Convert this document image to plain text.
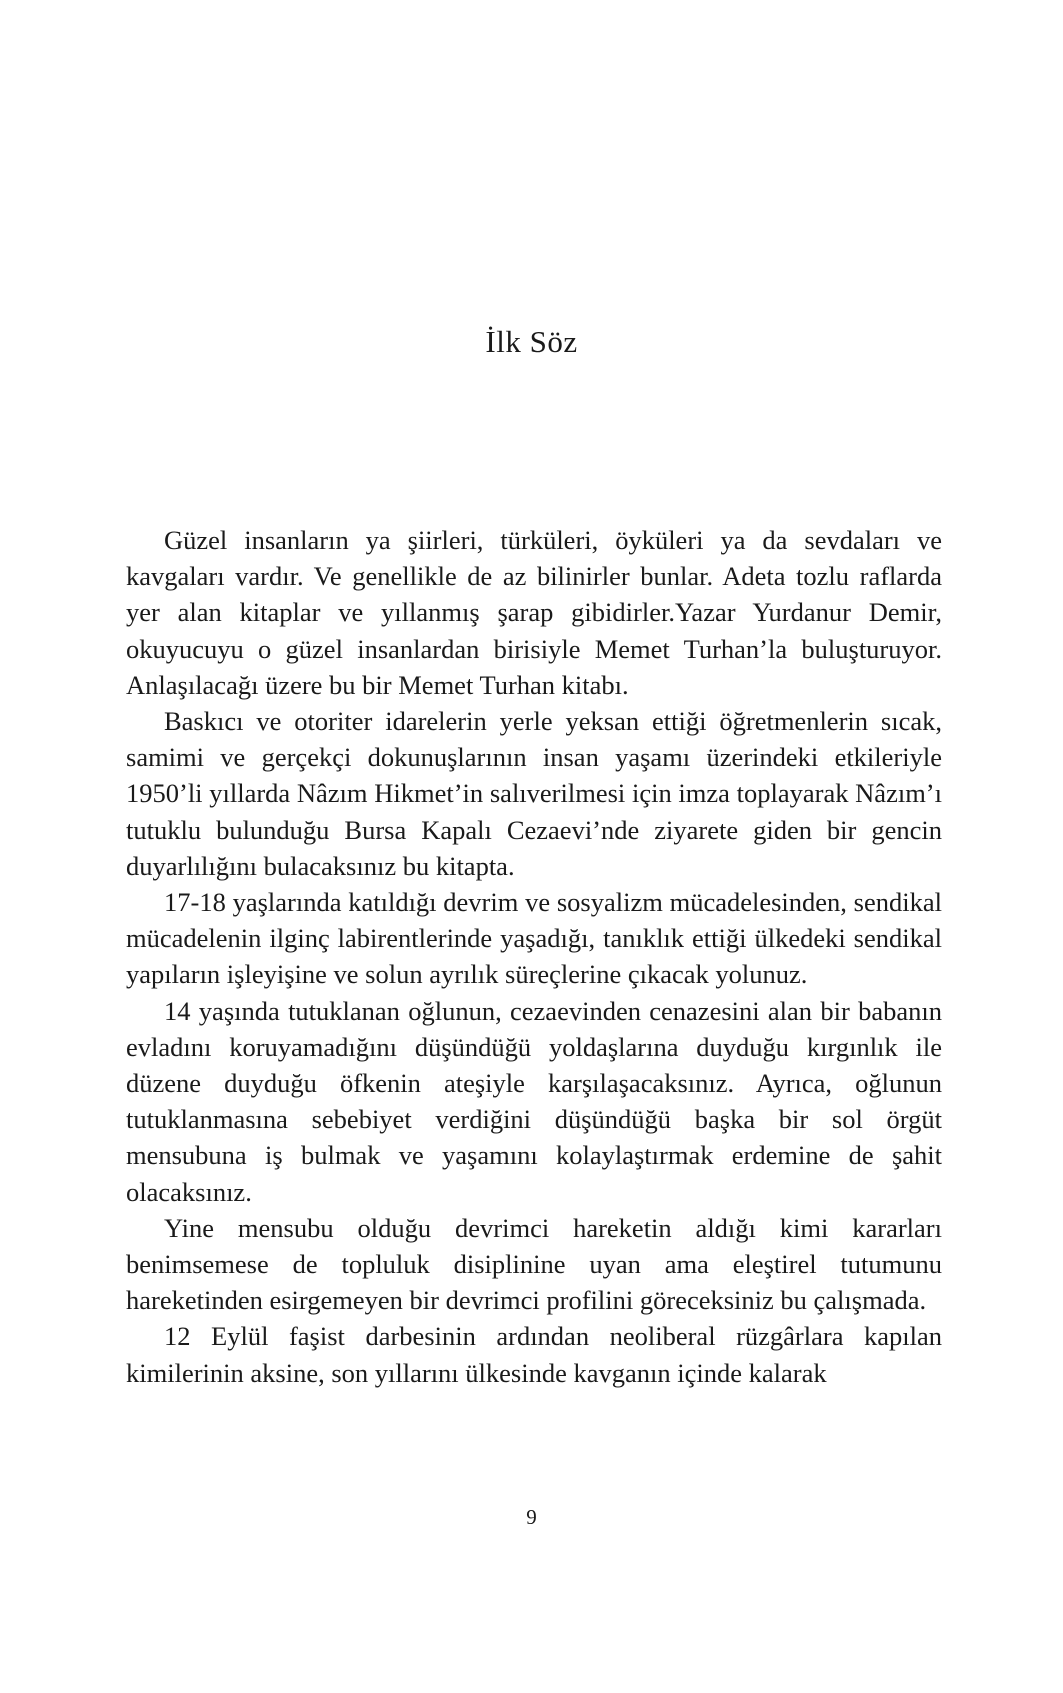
İlk Söz

Güzel insanların ya şiirleri, türküleri, öyküleri ya da sevdaları ve kavgaları vardır. Ve genellikle de az bilinirler bunlar. Adeta tozlu raflarda yer alan kitaplar ve yıllanmış şarap gibidirler.Yazar Yurdanur Demir, okuyucuyu o güzel insanlardan birisiyle Memet Turhan’la buluşturuyor. Anlaşılacağı üzere bu bir Memet Turhan kitabı.

Baskıcı ve otoriter idarelerin yerle yeksan ettiği öğretmenlerin sıcak, samimi ve gerçekçi dokunuşlarının insan yaşamı üzerindeki etkileriyle 1950’li yıllarda Nâzım Hikmet’in salıverilmesi için imza toplayarak Nâzım’ı tutuklu bulunduğu Bursa Kapalı Cezaevi’nde ziyarete giden bir gencin duyarlılığını bulacaksınız bu kitapta.

17-18 yaşlarında katıldığı devrim ve sosyalizm mücadelesinden, sendikal mücadelenin ilginç labirentlerinde yaşadığı, tanıklık ettiği ülkedeki sendikal yapıların işleyişine ve solun ayrılık süreçlerine çıkacak yolunuz.

14 yaşında tutuklanan oğlunun, cezaevinden cenazesini alan bir babanın evladını koruyamadığını düşündüğü yoldaşlarına duyduğu kırgınlık ile düzene duyduğu öfkenin ateşiyle karşılaşacaksınız. Ayrıca, oğlunun tutuklanmasına sebebiyet verdiğini düşündüğü başka bir sol örgüt mensubuna iş bulmak ve yaşamını kolaylaştırmak erdemine de şahit olacaksınız.

Yine mensubu olduğu devrimci hareketin aldığı kimi kararları benimsemese de topluluk disiplinine uyan ama eleştirel tutumunu hareketinden esirgemeyen bir devrimci profilini göreceksiniz bu çalışmada.

12 Eylül faşist darbesinin ardından neoliberal rüzgârlara kapılan kimilerinin aksine, son yıllarını ülkesinde kavganın içinde kalarak

9
